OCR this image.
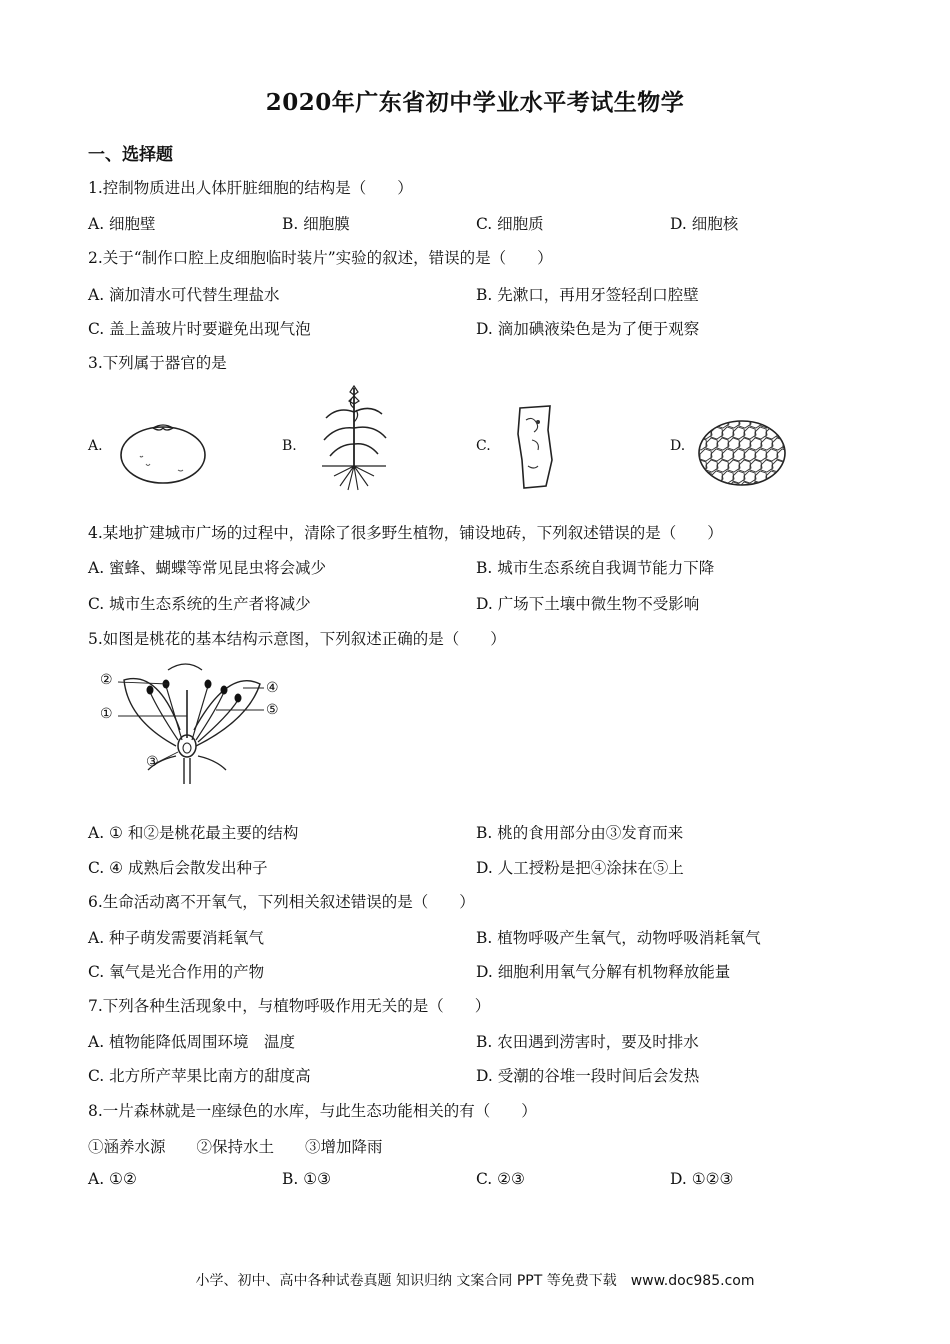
2020年广东省初中学业水平考试生物学
一、选择题
1.控制物质进出人体肝脏细胞的结构是（　　）
A. 细胞壁	B. 细胞膜	C. 细胞质	D. 细胞核
2.关于“制作口腔上皮细胞临时装片”实验的叙述，错误的是（　　）
A. 滴加清水可代替生理盐水	B. 先漱口，再用牙签轻刮口腔壁
C. 盖上盖玻片时要避免出现气泡	D. 滴加碘液染色是为了便于观察
3.下列属于器官的是
A.	B.	C.	D.
4.某地扩建城市广场的过程中，清除了很多野生植物，铺设地砖，下列叙述错误的是（　　）
A. 蜜蜂、蝴蝶等常见昆虫将会减少	B. 城市生态系统自我调节能力下降
C. 城市生态系统的生产者将减少	D. 广场下土壤中微生物不受影响
5.如图是桃花的基本结构示意图，下列叙述正确的是（　　）
②
①
③
④
⑤
A. ① 和②是桃花最主要的结构	B. 桃的食用部分由③发育而来
C. ④ 成熟后会散发出种子	D. 人工授粉是把④涂抹在⑤上
6.生命活动离不开氧气，下列相关叙述错误的是（　　）
A. 种子萌发需要消耗氧气	B. 植物呼吸产生氧气，动物呼吸消耗氧气
C. 氧气是光合作用的产物	D. 细胞利用氧气分解有机物释放能量
7.下列各种生活现象中，与植物呼吸作用无关的是（　　）
A. 植物能降低周围环境　温度	B. 农田遇到涝害时，要及时排水
C. 北方所产苹果比南方的甜度高	D. 受潮的谷堆一段时间后会发热
8.一片森林就是一座绿色的水库，与此生态功能相关的有（　　）
①涵养水源　　②保持水土　　③增加降雨
A. ①②	B. ①③	C. ②③	D. ①②③
小学、初中、高中各种试卷真题 知识归纳 文案合同 PPT 等免费下载　www.doc985.com
